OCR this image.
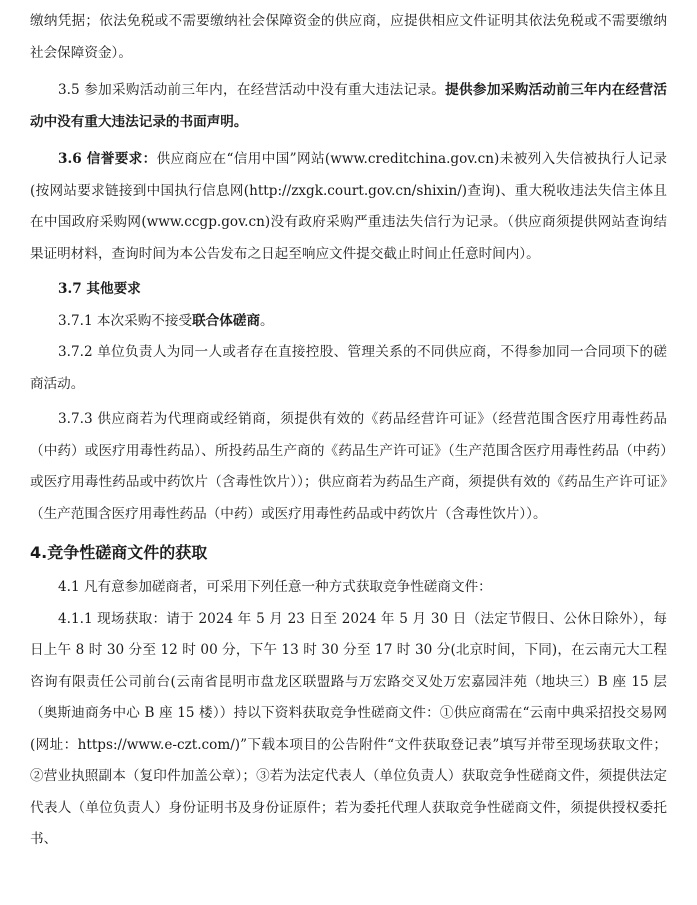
缴纳凭据；依法免税或不需要缴纳社会保障资金的供应商，应提供相应文件证明其依法免税或不需要缴纳社会保障资金）。

3.5 参加采购活动前三年内，在经营活动中没有重大违法记录。提供参加采购活动前三年内在经营活动中没有重大违法记录的书面声明。

3.6 信誉要求：供应商应在“信用中国”网站(www.creditchina.gov.cn)未被列入失信被执行人记录(按网站要求链接到中国执行信息网(http://zxgk.court.gov.cn/shixin/)查询)、重大税收违法失信主体且在中国政府采购网(www.ccgp.gov.cn)没有政府采购严重违法失信行为记录。（供应商须提供网站查询结果证明材料，查询时间为本公告发布之日起至响应文件提交截止时间止任意时间内）。

3.7 其他要求

3.7.1 本次采购不接受联合体磋商。

3.7.2 单位负责人为同一人或者存在直接控股、管理关系的不同供应商，不得参加同一合同项下的磋商活动。

3.7.3 供应商若为代理商或经销商，须提供有效的《药品经营许可证》（经营范围含医疗用毒性药品（中药）或医疗用毒性药品）、所投药品生产商的《药品生产许可证》（生产范围含医疗用毒性药品（中药）或医疗用毒性药品或中药饮片（含毒性饮片））；供应商若为药品生产商，须提供有效的《药品生产许可证》（生产范围含医疗用毒性药品（中药）或医疗用毒性药品或中药饮片（含毒性饮片））。

4.竞争性磋商文件的获取

4.1 凡有意参加磋商者，可采用下列任意一种方式获取竞争性磋商文件：

4.1.1 现场获取：请于 2024 年 5 月 23 日至 2024 年 5 月 30 日（法定节假日、公休日除外），每日上午 8 时 30 分至 12 时 00 分，下午 13 时 30 分至 17 时 30 分(北京时间，下同)，在云南元大工程咨询有限责任公司前台(云南省昆明市盘龙区联盟路与万宏路交叉处万宏嘉园沣苑（地块三）B 座 15 层（奥斯迪商务中心 B 座 15 楼））持以下资料获取竞争性磋商文件：①供应商需在“云南中典采招投交易网(网址：https://www.e-czt.com/)”下载本项目的公告附件“文件获取登记表”填写并带至现场获取文件；②营业执照副本（复印件加盖公章）；③若为法定代表人（单位负责人）获取竞争性磋商文件，须提供法定代表人（单位负责人）身份证明书及身份证原件；若为委托代理人获取竞争性磋商文件，须提供授权委托书、
